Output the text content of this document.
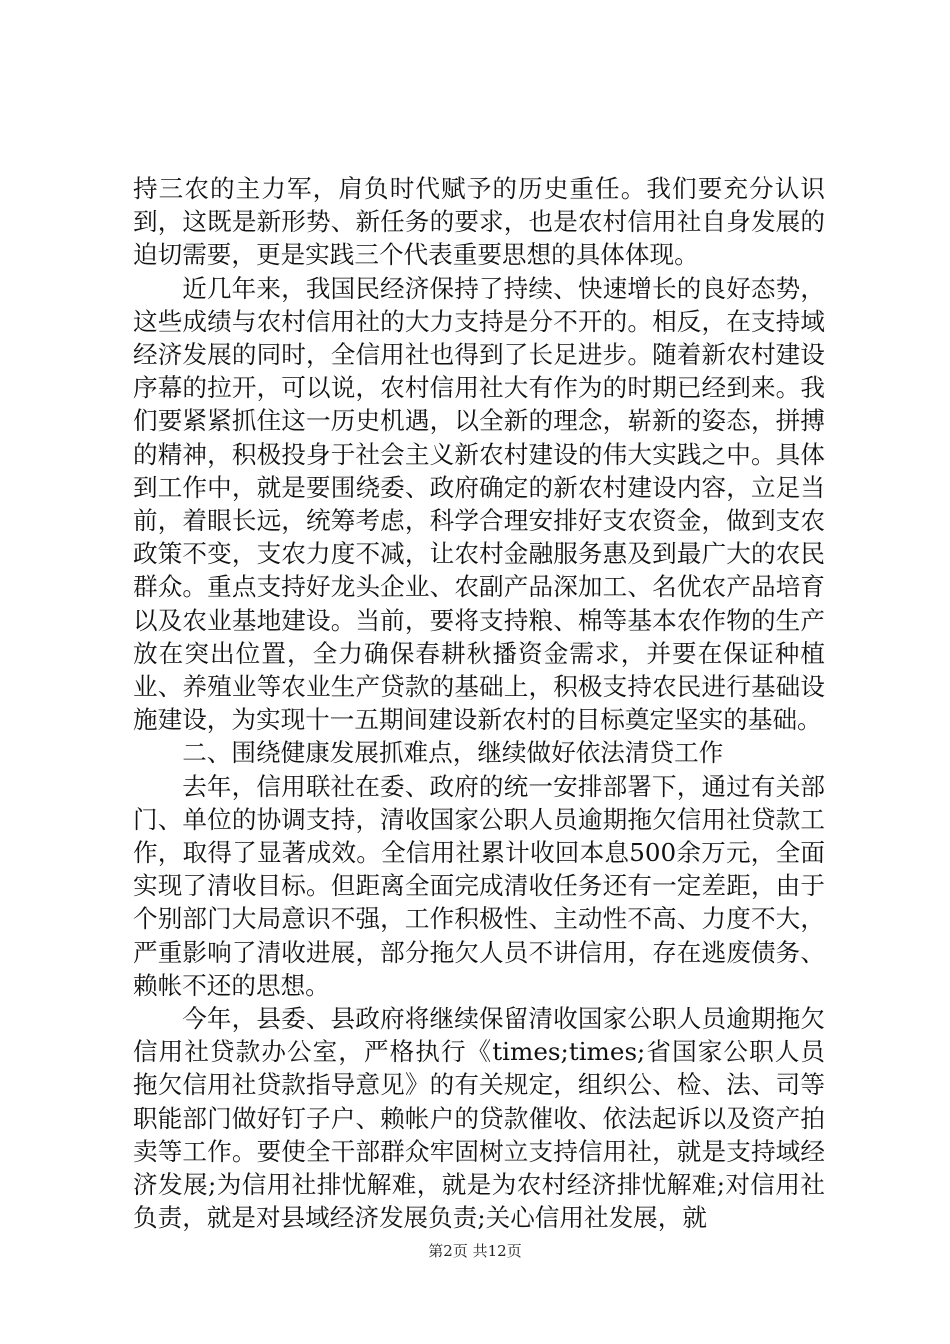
持三农的主力军，肩负时代赋予的历史重任。我们要充分认识到，这既是新形势、新任务的要求，也是农村信用社自身发展的迫切需要，更是实践三个代表重要思想的具体体现。

近几年来，我国民经济保持了持续、快速增长的良好态势，这些成绩与农村信用社的大力支持是分不开的。相反，在支持域经济发展的同时，全信用社也得到了长足进步。随着新农村建设序幕的拉开，可以说，农村信用社大有作为的时期已经到来。我们要紧紧抓住这一历史机遇，以全新的理念，崭新的姿态，拼搏的精神，积极投身于社会主义新农村建设的伟大实践之中。具体到工作中，就是要围绕委、政府确定的新农村建设内容，立足当前，着眼长远，统筹考虑，科学合理安排好支农资金，做到支农政策不变，支农力度不减，让农村金融服务惠及到最广大的农民群众。重点支持好龙头企业、农副产品深加工、名优农产品培育以及农业基地建设。当前，要将支持粮、棉等基本农作物的生产放在突出位置，全力确保春耕秋播资金需求，并要在保证种植业、养殖业等农业生产贷款的基础上，积极支持农民进行基础设施建设，为实现十一五期间建设新农村的目标奠定坚实的基础。

二、围绕健康发展抓难点，继续做好依法清贷工作

去年，信用联社在委、政府的统一安排部署下，通过有关部门、单位的协调支持，清收国家公职人员逾期拖欠信用社贷款工作，取得了显著成效。全信用社累计收回本息500余万元，全面实现了清收目标。但距离全面完成清收任务还有一定差距，由于个别部门大局意识不强，工作积极性、主动性不高、力度不大，严重影响了清收进展，部分拖欠人员不讲信用，存在逃废债务、赖帐不还的思想。

今年，县委、县政府将继续保留清收国家公职人员逾期拖欠信用社贷款办公室，严格执行《times;times;省国家公职人员拖欠信用社贷款指导意见》的有关规定，组织公、检、法、司等职能部门做好钉子户、赖帐户的贷款催收、依法起诉以及资产拍卖等工作。要使全干部群众牢固树立支持信用社，就是支持域经济发展;为信用社排忧解难，就是为农村经济排忧解难;对信用社负责，就是对县域经济发展负责;关心信用社发展，就

第2页 共12页
